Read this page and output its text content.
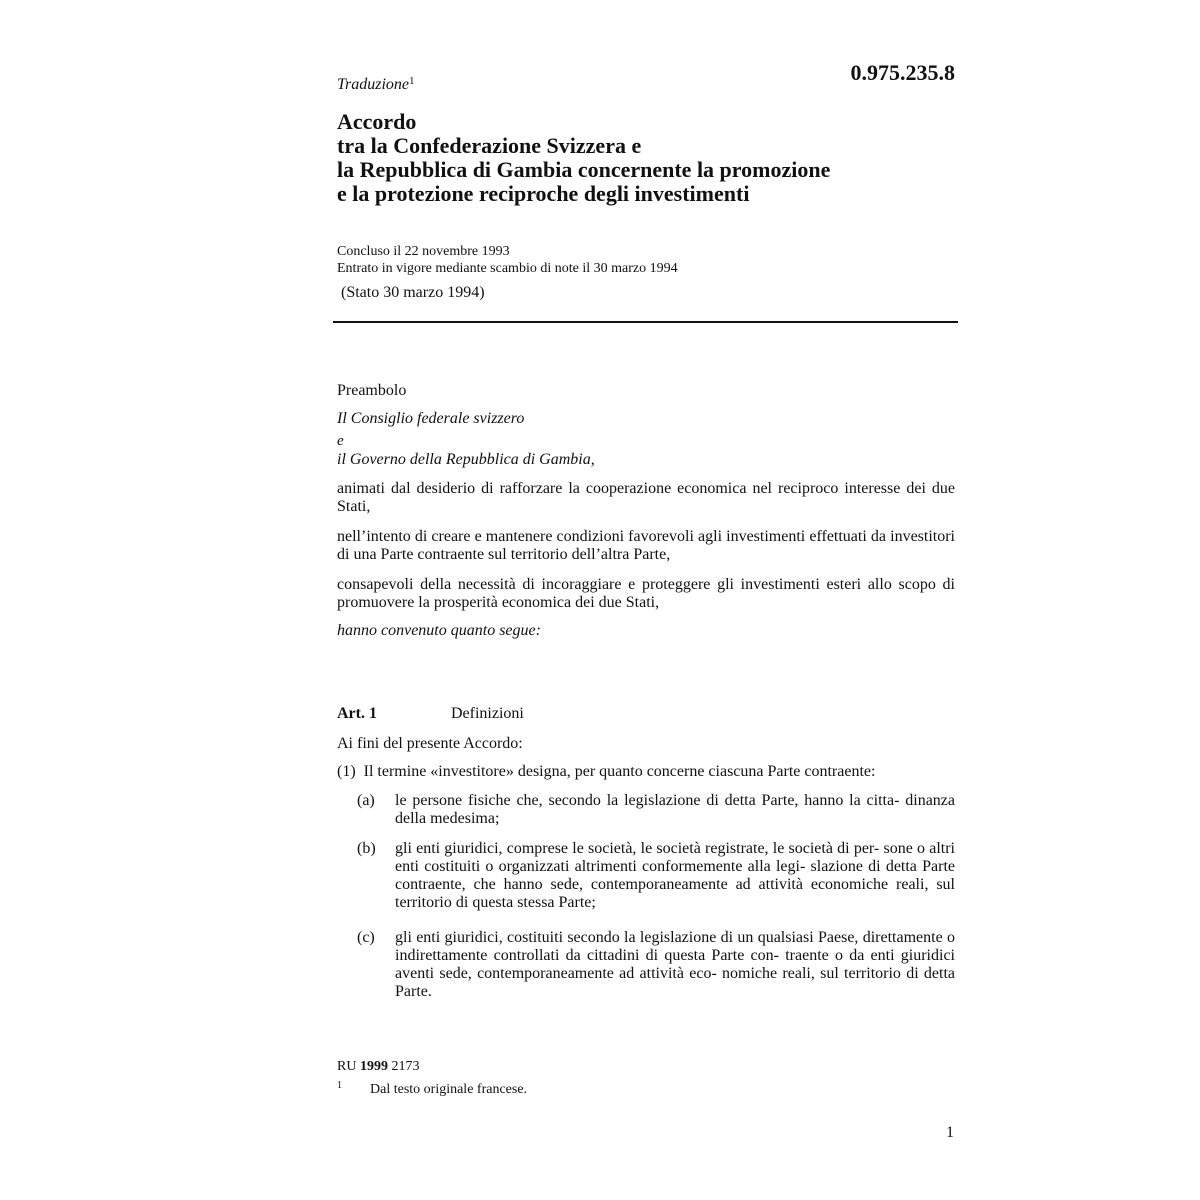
0.975.235.8
Traduzione$^1$
Accordo
tra la Confederazione Svizzera e
la Repubblica di Gambia concernente la promozione
e la protezione reciproche degli investimenti
Concluso il 22 novembre 1993
Entrato in vigore mediante scambio di note il 30 marzo 1994
(Stato 30 marzo 1994)
Preambolo
Il Consiglio federale svizzero
e
il Governo della Repubblica di Gambia,
animati dal desiderio di rafforzare la cooperazione economica nel reciproco interesse dei due Stati,
nell’intento di creare e mantenere condizioni favorevoli agli investimenti effettuati da investitori di una Parte contraente sul territorio dell’altra Parte,
consapevoli della necessità di incoraggiare e proteggere gli investimenti esteri allo scopo di promuovere la prosperità economica dei due Stati,
hanno convenuto quanto segue:
Art. 1	Definizioni
Ai fini del presente Accordo:
(1)  Il termine «investitore» designa, per quanto concerne ciascuna Parte contraente:
(a) le persone fisiche che, secondo la legislazione di detta Parte, hanno la citta- dinanza della medesima;
(b) gli enti giuridici, comprese le società, le società registrate, le società di per- sone o altri enti costituiti o organizzati altrimenti conformemente alla legi- slazione di detta Parte contraente, che hanno sede, contemporaneamente ad attività economiche reali, sul territorio di questa stessa Parte;
(c) gli enti giuridici, costituiti secondo la legislazione di un qualsiasi Paese, direttamente o indirettamente controllati da cittadini di questa Parte con- traente o da enti giuridici aventi sede, contemporaneamente ad attività eco- nomiche reali, sul territorio di detta Parte.
RU 1999 2173
1 Dal testo originale francese.
1
